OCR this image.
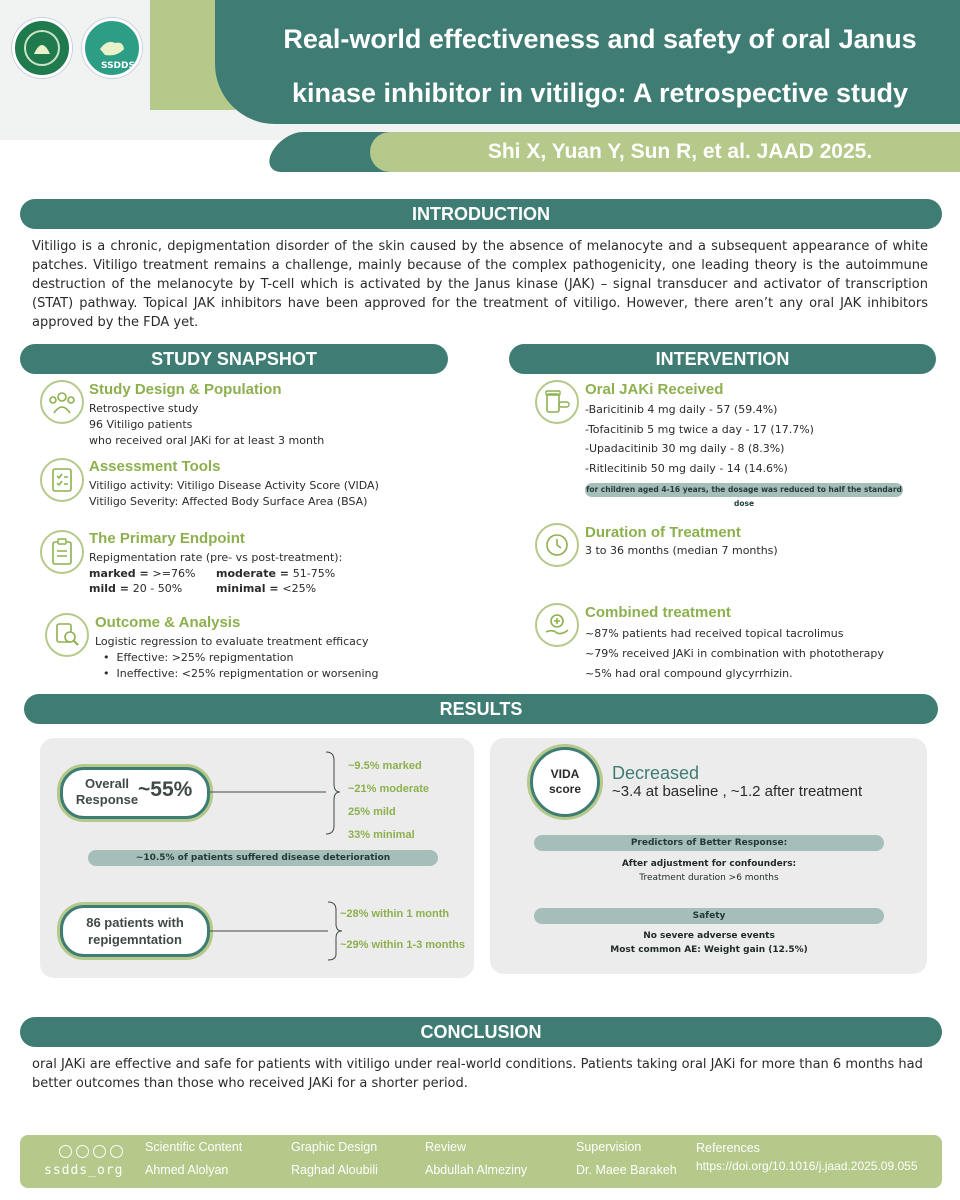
SSDDS
Real-world effectiveness and safety of oral Janus
kinase inhibitor in vitiligo: A retrospective study
Shi X, Yuan Y, Sun R, et al. JAAD 2025.
INTRODUCTION
Vitiligo is a chronic, depigmentation disorder of the skin caused by the absence of melanocyte and a subsequent appearance of white patches. Vitiligo treatment remains a challenge, mainly because of the complex pathogenicity, one leading theory is the autoimmune destruction of the melanocyte by T-cell which is activated by the Janus kinase (JAK) – signal transducer and activator of transcription (STAT) pathway. Topical JAK inhibitors have been approved for the treatment of vitiligo. However, there aren’t any oral JAK inhibitors approved by the FDA yet.
STUDY SNAPSHOT
Study Design & Population
Retrospective study
96 Vitiligo patients
who received oral JAKi for at least 3 month
Assessment Tools
Vitiligo activity: Vitiligo Disease Activity Score (VIDA)
Vitiligo Severity: Affected Body Surface Area (BSA)
The Primary Endpoint
Repigmentation rate (pre- vs post-treatment):
marked = >=76% moderate = 51-75%
mild = 20 - 50%	minimal = <25%
Outcome & Analysis
Logistic regression to evaluate treatment efficacy
• Effective: >25% repigmentation
• Ineffective: <25% repigmentation or worsening
INTERVENTION
Oral JAKi Received
-Baricitinib 4 mg daily - 57 (59.4%)
-Tofacitinib 5 mg twice a day - 17 (17.7%)
-Upadacitinib 30 mg daily - 8 (8.3%)
-Ritlecitinib 50 mg daily - 14 (14.6%)
for children aged 4-16 years, the dosage was reduced to half the standard dose
Duration of Treatment
3 to 36 months (median 7 months)
Combined treatment
~87% patients had received topical tacrolimus
~79% received JAKi in combination with phototherapy
~5% had oral compound glycyrrhizin.
RESULTS
Overall
Response ~55%
~9.5% marked
~21% moderate
25% mild
33% minimal
~10.5% of patients suffered disease deterioration
86 patients with
repigemntation
~28% within 1 month
~29% within 1-3 months
VIDA
score
Decreased
~3.4 at baseline , ~1.2 after treatment
Predictors of Better Response:
After adjustment for confounders:
Treatment duration >6 months
Safety
No severe adverse events
Most common AE: Weight gain (12.5%)
CONCLUSION
oral JAKi are effective and safe for patients with vitiligo under real-world conditions. Patients taking oral JAKi for more than 6 months had better outcomes than those who received JAKi for a shorter period.
ssdds_org
Scientific Content
Ahmed Alolyan
Graphic Design
Raghad Aloubili
Review
Abdullah Almeziny
Supervision
Dr. Maee Barakeh
References
https://doi.org/10.1016/j.jaad.2025.09.055
